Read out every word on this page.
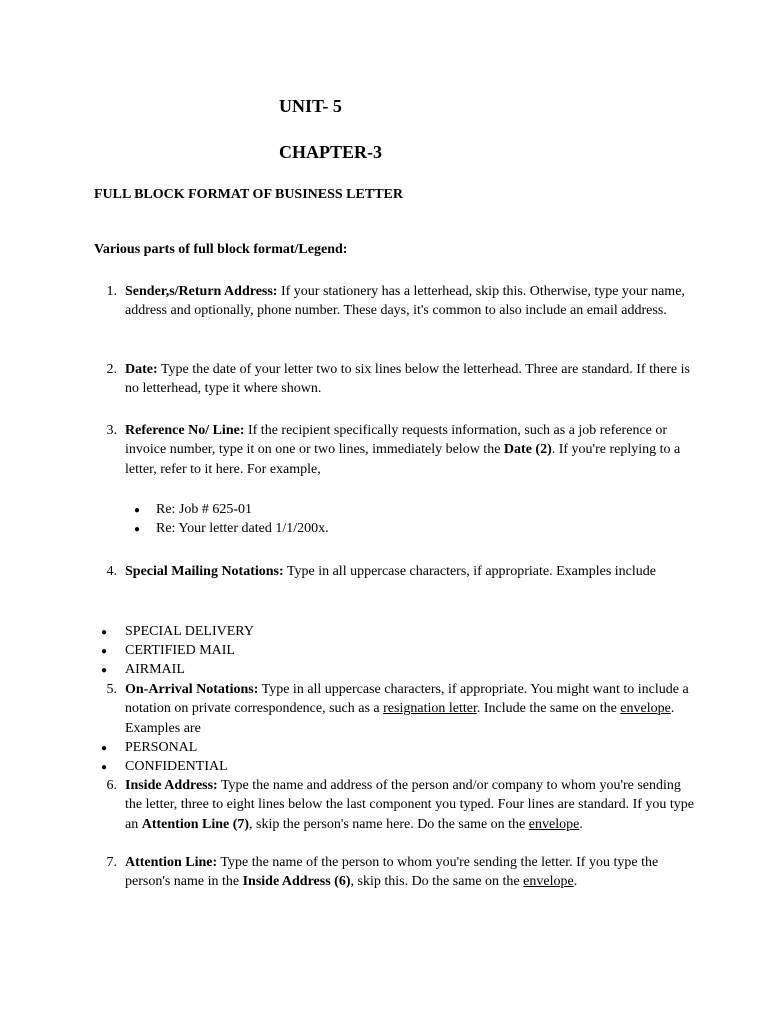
UNIT- 5
CHAPTER-3
FULL BLOCK FORMAT OF BUSINESS LETTER
Various parts of full block format/Legend:
1. Sender,s/Return Address: If your stationery has a letterhead, skip this. Otherwise, type your name, address and optionally, phone number. These days, it's common to also include an email address.
2. Date: Type the date of your letter two to six lines below the letterhead. Three are standard. If there is no letterhead, type it where shown.
3. Reference No/ Line: If the recipient specifically requests information, such as a job reference or invoice number, type it on one or two lines, immediately below the Date (2). If you're replying to a letter, refer to it here. For example,
● Re: Job # 625-01
● Re: Your letter dated 1/1/200x.
4. Special Mailing Notations: Type in all uppercase characters, if appropriate. Examples include
● SPECIAL DELIVERY
● CERTIFIED MAIL
● AIRMAIL
5. On-Arrival Notations: Type in all uppercase characters, if appropriate. You might want to include a notation on private correspondence, such as a resignation letter. Include the same on the envelope. Examples are
● PERSONAL
● CONFIDENTIAL
6. Inside Address: Type the name and address of the person and/or company to whom you're sending the letter, three to eight lines below the last component you typed. Four lines are standard. If you type an Attention Line (7), skip the person's name here. Do the same on the envelope.
7. Attention Line: Type the name of the person to whom you're sending the letter. If you type the person's name in the Inside Address (6), skip this. Do the same on the envelope.
